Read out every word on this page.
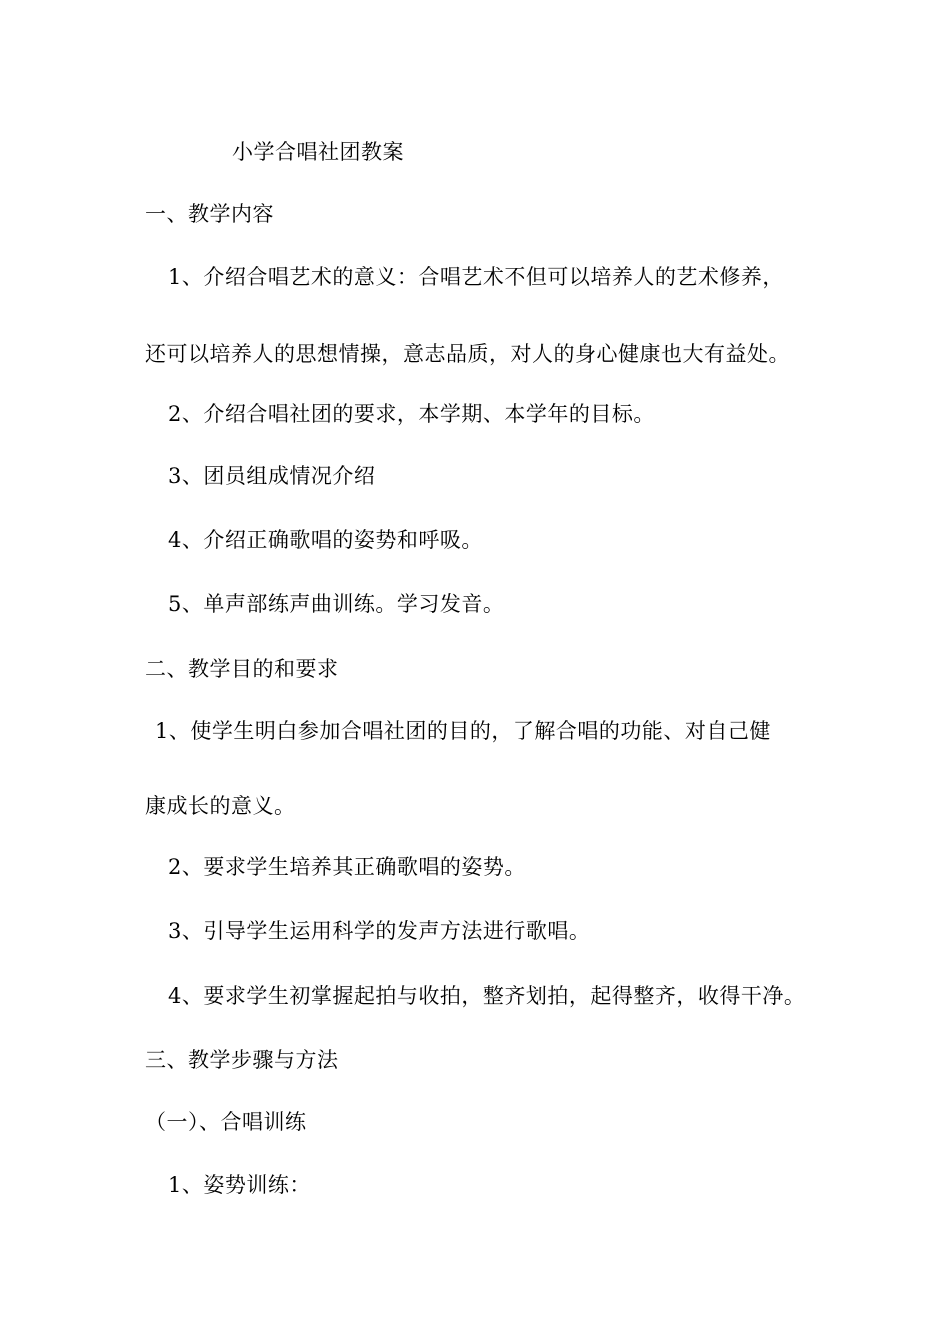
小学合唱社团教案
一、教学内容
1、介绍合唱艺术的意义：合唱艺术不但可以培养人的艺术修养，
还可以培养人的思想情操，意志品质，对人的身心健康也大有益处。
2、介绍合唱社团的要求，本学期、本学年的目标。
3、团员组成情况介绍
4、介绍正确歌唱的姿势和呼吸。
5、单声部练声曲训练。学习发音。
二、教学目的和要求
1、使学生明白参加合唱社团的目的，了解合唱的功能、对自己健
康成长的意义。
2、要求学生培养其正确歌唱的姿势。
3、引导学生运用科学的发声方法进行歌唱。
4、要求学生初掌握起拍与收拍，整齐划拍，起得整齐，收得干净。
三、教学步骤与方法
（一）、合唱训练
1、姿势训练：
